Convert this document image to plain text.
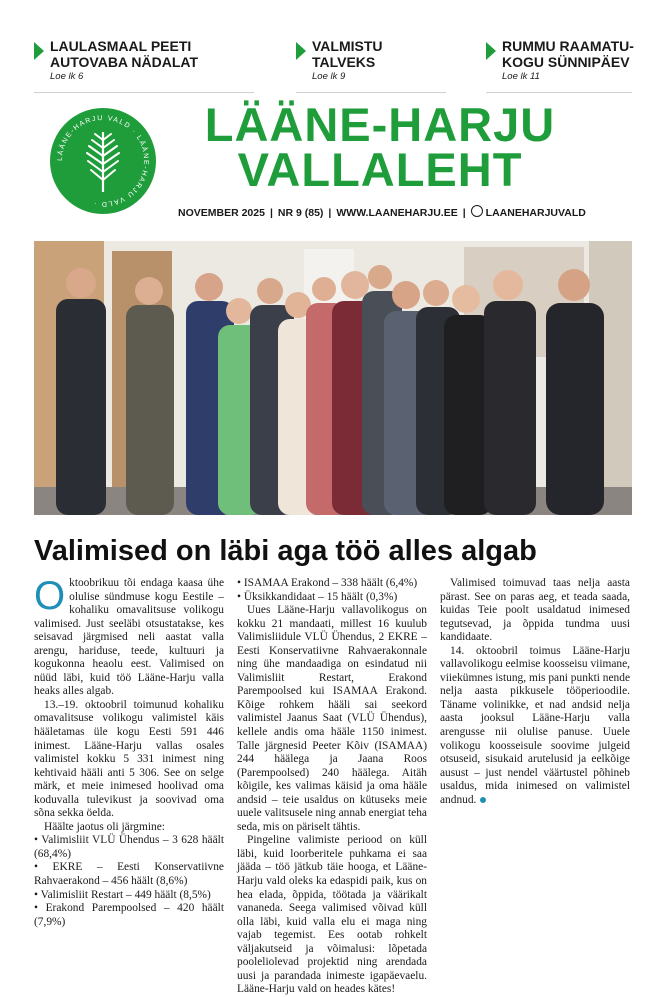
LAULASMAAL PEETI
AUTOVABA NÄDALAT
Loe lk 6
VALMISTU
TALVEKS
Loe lk 9
RUMMU RAAMATU-
KOGU SÜNNIPÄEV
Loe lk 11
LÄÄNE-HARJU VALD · LÄÄNE-HARJU VALD ·
LÄÄNE-HARJU
VALLALEHT
NOVEMBER 2025 | NR 9 (85) | WWW.LAANEHARJU.EE | LAANEHARJUVALD
Valimised on läbi aga töö alles algab

Oktoobrikuu tõi endaga kaasa ühe olulise sündmuse kogu Eestile – kohaliku omavalitsuse volikogu valimised. Just seeläbi otsustatakse, kes seisavad järgmised neli aastat valla arengu, hariduse, teede, kultuuri ja kogukonna heaolu eest. Valimised on nüüd läbi, kuid töö Lääne-Harju valla heaks alles algab.

13.–19. oktoobril toimunud kohaliku omavalitsuse volikogu valimistel käis hääletamas üle kogu Eesti 591 446 inimest. Lääne-Harju vallas osales valimistel kokku 5 331 inimest ning kehtivaid hääli anti 5 306. See on selge märk, et meie inimesed hoolivad oma koduvalla tulevikust ja soovivad oma sõna sekka öelda.

Häälte jaotus oli järgmine:

• Valimisliit VLÜ Ühendus – 3 628 häält (68,4%)

• EKRE – Eesti Konservatiivne Rahvaerakond – 456 häält (8,6%)

• Valimisliit Restart – 449 häält (8,5%)

• Erakond Parempoolsed – 420 häält (7,9%)

• ISAMAA Erakond – 338 häält (6,4%)

• Üksikkandidaat – 15 häält (0,3%)

Uues Lääne-Harju vallavolikogus on kokku 21 mandaati, millest 16 kuulub Valimisliidule VLÜ Ühendus, 2 EKRE – Eesti Konservatiivne Rahvaerakonnale ning ühe mandaadiga on esindatud nii Valimisliit Restart, Erakond Parempoolsed kui ISAMAA Erakond. Kõige rohkem hääli sai seekord valimistel Jaanus Saat (VLÜ Ühendus), kellele andis oma hääle 1150 inimest. Talle järgnesid Peeter Kõiv (ISAMAA) 244 häälega ja Jaana Roos (Parempoolsed) 240 häälega. Aitäh kõigile, kes valimas käisid ja oma hääle andsid – teie usaldus on kütuseks meie uuele valitsusele ning annab energiat teha seda, mis on päriselt tähtis.

Pingeline valimiste periood on küll läbi, kuid loorberitele puhkama ei saa jääda – töö jätkub täie hooga, et Lääne-Harju vald oleks ka edaspidi paik, kus on hea elada, õppida, töötada ja väärikalt vananeda. Seega valimised võivad küll olla läbi, kuid valla elu ei maga ning vajab tegemist. Ees ootab rohkelt väljakutseid ja võimalusi: lõpetada pooleliolevad projektid ning arendada uusi ja parandada inimeste igapäevaelu. Lääne-Harju vald on heades kätes!

Valimised toimuvad taas nelja aasta pärast. See on paras aeg, et teada saada, kuidas Teie poolt usaldatud inimesed tegutsevad, ja õppida tundma uusi kandidaate.

14. oktoobril toimus Lääne-Harju vallavolikogu eelmise koosseisu viimane, viiekümnes istung, mis pani punkti nende nelja aasta pikkusele tööperioodile. Täname volinikke, et nad andsid nelja aasta jooksul Lääne-Harju valla arengusse nii olulise panuse. Uuele volikogu koosseisule soovime julgeid otsuseid, sisukaid arutelusid ja eelkõige ausust – just nendel väärtustel põhineb usaldus, mida inimesed on valimistel andnud.
